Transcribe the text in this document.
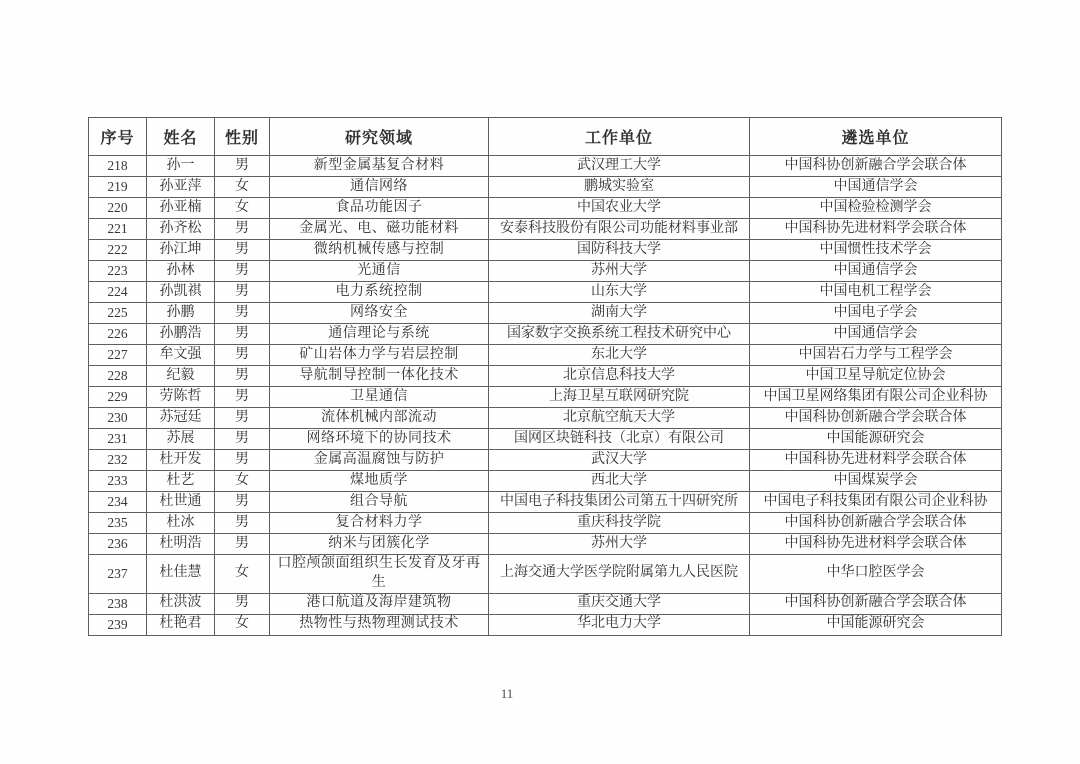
序号	姓名	性别	研究领域	工作单位	遴选单位
218	孙一	男	新型金属基复合材料	武汉理工大学	中国科协创新融合学会联合体
219	孙亚萍	女	通信网络	鹏城实验室	中国通信学会
220	孙亚楠	女	食品功能因子	中国农业大学	中国检验检测学会
221	孙齐松	男	金属光、电、磁功能材料	安泰科技股份有限公司功能材料事业部	中国科协先进材料学会联合体
222	孙江坤	男	微纳机械传感与控制	国防科技大学	中国惯性技术学会
223	孙林	男	光通信	苏州大学	中国通信学会
224	孙凯祺	男	电力系统控制	山东大学	中国电机工程学会
225	孙鹏	男	网络安全	湖南大学	中国电子学会
226	孙鹏浩	男	通信理论与系统	国家数字交换系统工程技术研究中心	中国通信学会
227	牟文强	男	矿山岩体力学与岩层控制	东北大学	中国岩石力学与工程学会
228	纪毅	男	导航制导控制一体化技术	北京信息科技大学	中国卫星导航定位协会
229	劳陈哲	男	卫星通信	上海卫星互联网研究院	中国卫星网络集团有限公司企业科协
230	苏冠廷	男	流体机械内部流动	北京航空航天大学	中国科协创新融合学会联合体
231	苏展	男	网络环境下的协同技术	国网区块链科技（北京）有限公司	中国能源研究会
232	杜开发	男	金属高温腐蚀与防护	武汉大学	中国科协先进材料学会联合体
233	杜艺	女	煤地质学	西北大学	中国煤炭学会
234	杜世通	男	组合导航	中国电子科技集团公司第五十四研究所	中国电子科技集团有限公司企业科协
235	杜冰	男	复合材料力学	重庆科技学院	中国科协创新融合学会联合体
236	杜明浩	男	纳米与团簇化学	苏州大学	中国科协先进材料学会联合体
237	杜佳慧	女	口腔颅颌面组织生长发育及牙再生	上海交通大学医学院附属第九人民医院	中华口腔医学会
238	杜洪波	男	港口航道及海岸建筑物	重庆交通大学	中国科协创新融合学会联合体
239	杜艳君	女	热物性与热物理测试技术	华北电力大学	中国能源研究会
11
